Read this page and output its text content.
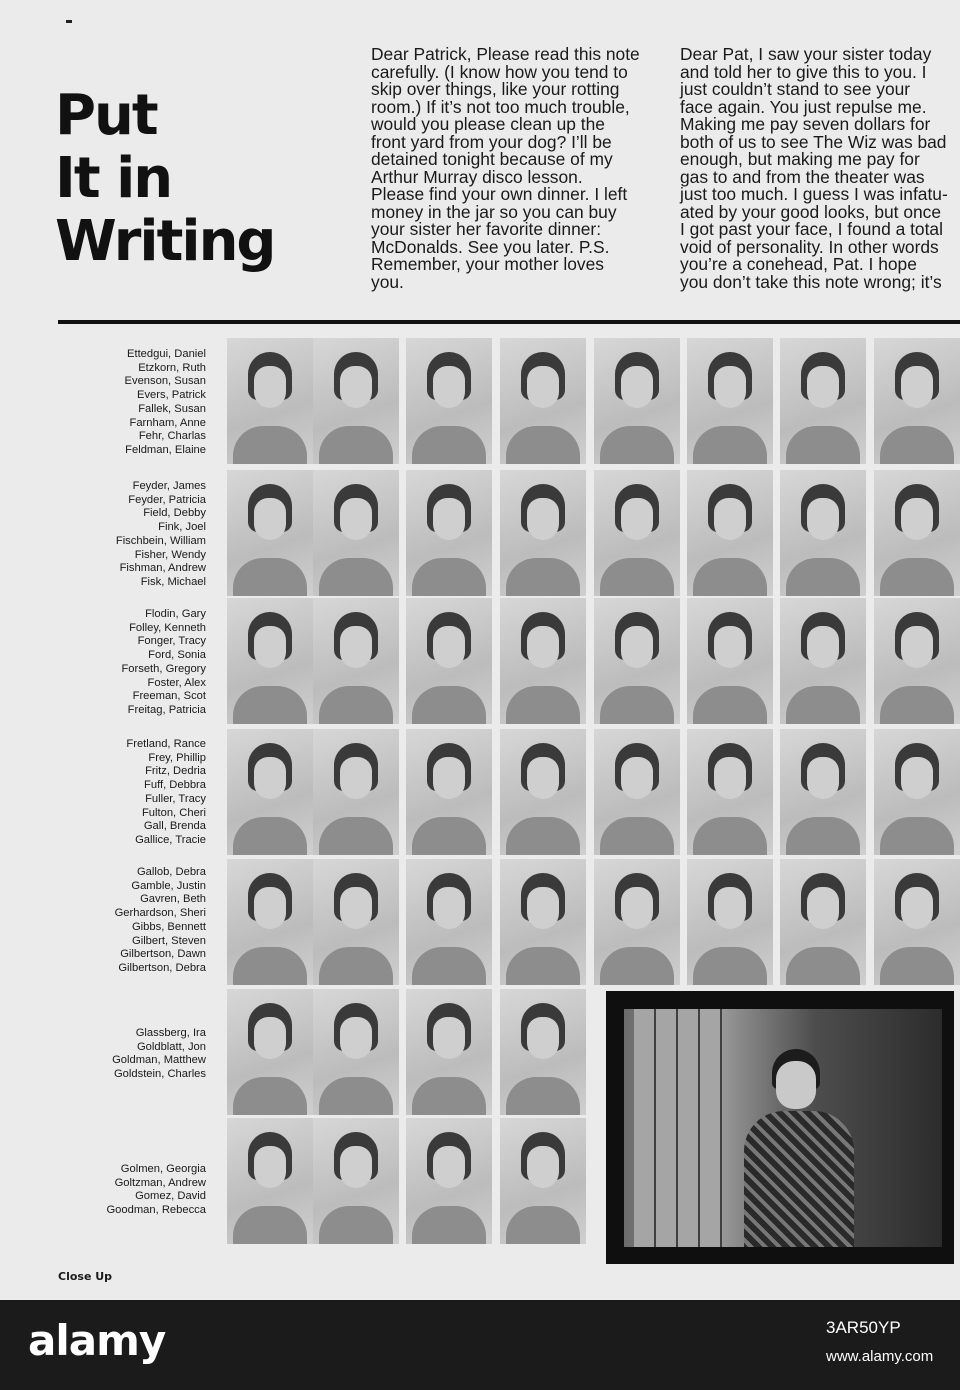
Put
It in
Writing
Dear Patrick, Please read this note
carefully. (I know how you tend to
skip over things, like your rotting
room.) If it’s not too much trouble,
would you please clean up the
front yard from your dog? I’ll be
detained tonight because of my
Arthur Murray disco lesson.
Please find your own dinner. I left
money in the jar so you can buy
your sister her favorite dinner:
McDonalds. See you later. P.S.
Remember, your mother loves
you.
Dear Pat, I saw your sister today
and told her to give this to you. I
just couldn’t stand to see your
face again. You just repulse me.
Making me pay seven dollars for
both of us to see The Wiz was bad
enough, but making me pay for
gas to and from the theater was
just too much. I guess I was infatu-
ated by your good looks, but once
I got past your face, I found a total
void of personality. In other words
you’re a conehead, Pat. I hope
you don’t take this note wrong; it’s
Ettedgui, Daniel
Etzkorn, Ruth
Evenson, Susan
Evers, Patrick
Fallek, Susan
Farnham, Anne
Fehr, Charlas
Feldman, Elaine
Feyder, James
Feyder, Patricia
Field, Debby
Fink, Joel
Fischbein, William
Fisher, Wendy
Fishman, Andrew
Fisk, Michael
Flodin, Gary
Folley, Kenneth
Fonger, Tracy
Ford, Sonia
Forseth, Gregory
Foster, Alex
Freeman, Scot
Freitag, Patricia
Fretland, Rance
Frey, Phillip
Fritz, Dedria
Fuff, Debbra
Fuller, Tracy
Fulton, Cheri
Gall, Brenda
Gallice, Tracie
Gallob, Debra
Gamble, Justin
Gavren, Beth
Gerhardson, Sheri
Gibbs, Bennett
Gilbert, Steven
Gilbertson, Dawn
Gilbertson, Debra
Glassberg, Ira
Goldblatt, Jon
Goldman, Matthew
Goldstein, Charles
Golmen, Georgia
Goltzman, Andrew
Gomez, David
Goodman, Rebecca
Close Up
alamy	3AR50YP
www.alamy.com
